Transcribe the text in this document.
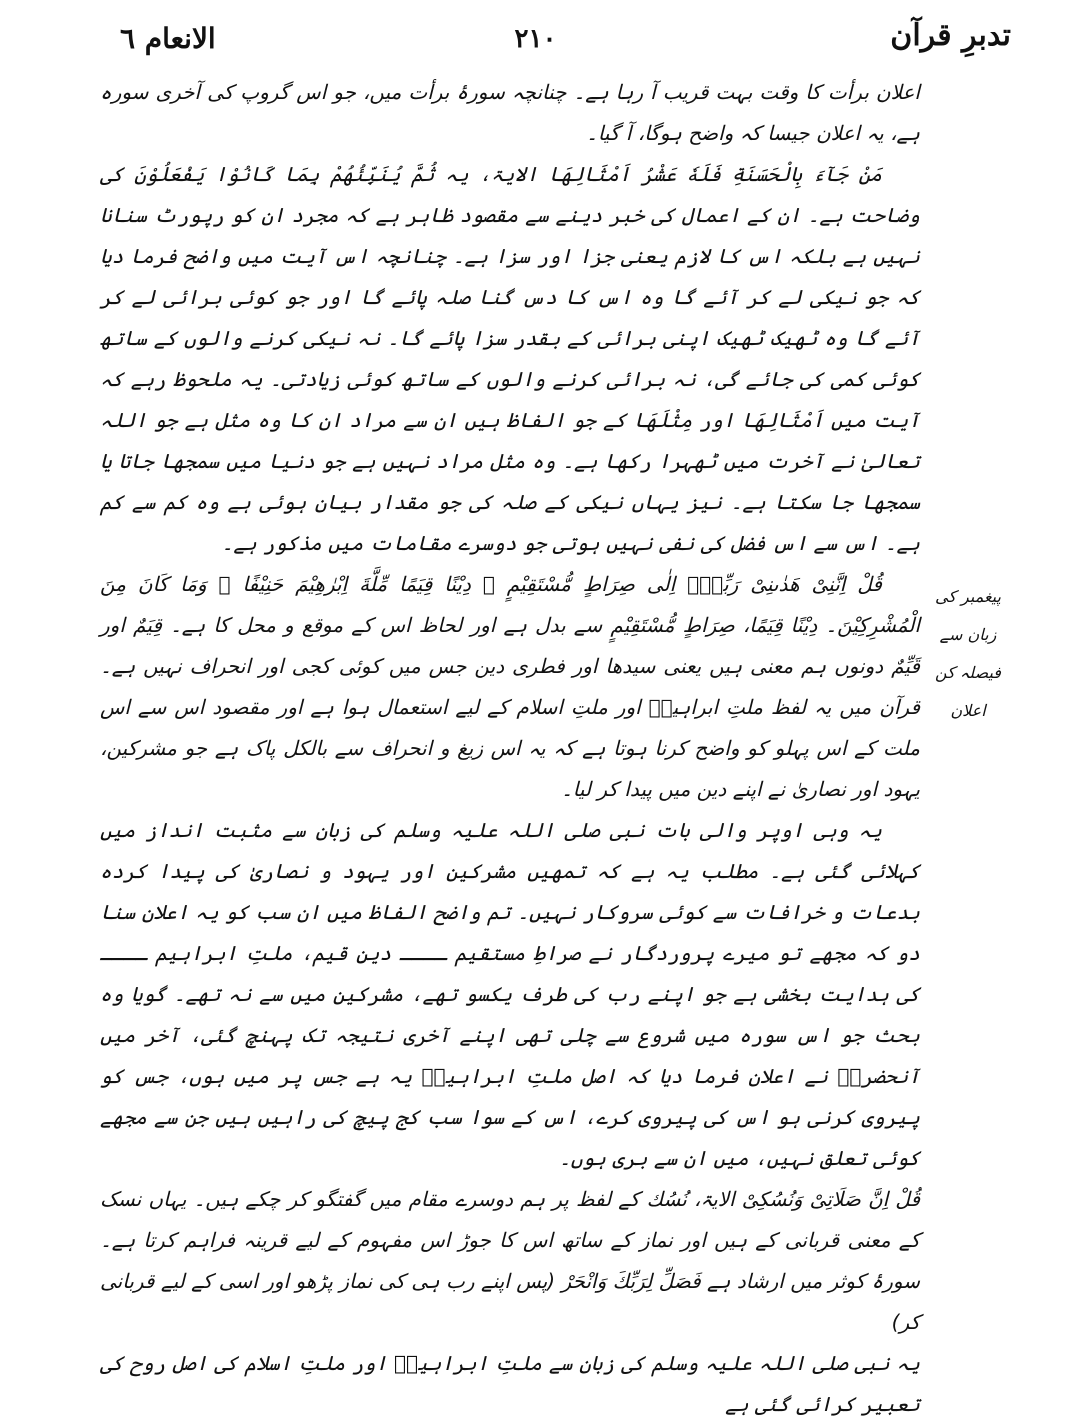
تدبرِ قرآن
۲۱۰
الانعام ٦

اعلان برأت کا وقت بہت قریب آ رہا ہے۔ چنانچہ سورۂ برأت میں، جو اس گروپ کی آخری سورہ ہے، یہ اعلان جیسا کہ واضح ہوگا، آ گیا۔

مَنْ جَآءَ بِالْحَسَنَةِ فَلَهٗ عَشْرُ اَمْثَالِهَا الایۃ، یہ ثُمَّ یُنَبِّئُهُمْ بِمَا كَانُوْا یَفْعَلُوْنَ کی وضاحت ہے۔ ان کے اعمال کی خبر دینے سے مقصود ظاہر ہے کہ مجرد ان کو رپورٹ سنانا نہیں ہے بلکہ اس کا لازم یعنی جزا اور سزا ہے۔ چنانچہ اس آیت میں واضح فرما دیا کہ جو نیکی لے کر آئے گا وہ اس کا دس گنا صلہ پائے گا اور جو کوئی برائی لے کر آئے گا وہ ٹھیک ٹھیک اپنی برائی کے بقدر سزا پائے گا۔ نہ نیکی کرنے والوں کے ساتھ کوئی کمی کی جائے گی، نہ برائی کرنے والوں کے ساتھ کوئی زیادتی۔ یہ ملحوظ رہے کہ آیت میں اَمْثَالِهَا اور مِثْلَهَا کے جو الفاظ ہیں ان سے مراد ان کا وہ مثل ہے جو اللہ تعالیٰ نے آخرت میں ٹھہرا رکھا ہے۔ وہ مثل مراد نہیں ہے جو دنیا میں سمجھا جاتا یا سمجھا جا سکتا ہے۔ نیز یہاں نیکی کے صلہ کی جو مقدار بیان ہوئی ہے وہ کم سے کم ہے۔ اس سے اس فضل کی نفی نہیں ہوتی جو دوسرے مقامات میں مذکور ہے۔

قُلْ اِنَّنِیْ هَدٰىنِیْ رَبِّیْۤ اِلٰى صِرَاطٍ مُّسْتَقِیْمٍ ۚ دِیْنًا قِیَمًا مِّلَّةَ اِبْرٰهِیْمَ حَنِیْفًا ۚ وَمَا كَانَ مِنَ الْمُشْرِكِیْنَ۔ دِیْنًا قِیَمًا، صِرَاطٍ مُّسْتَقِیْمٍ سے بدل ہے اور لحاظ اس کے موقع و محل کا ہے۔ قِیَمٌ اور قَیِّمٌ دونوں ہم معنی ہیں یعنی سیدھا اور فطری دین جس میں کوئی کجی اور انحراف نہیں ہے۔ قرآن میں یہ لفظ ملتِ ابراہیمؑ اور ملتِ اسلام کے لیے استعمال ہوا ہے اور مقصود اس سے اس ملت کے اس پہلو کو واضح کرنا ہوتا ہے کہ یہ اس زیغ و انحراف سے بالکل پاک ہے جو مشرکین، یہود اور نصاریٰ نے اپنے دین میں پیدا کر لیا۔

یہ وہی اوپر والی بات نبی صلی اللہ علیہ وسلم کی زبان سے مثبت انداز میں کہلائی گئی ہے۔ مطلب یہ ہے کہ تمھیں مشرکین اور یہود و نصاریٰ کی پیدا کردہ بدعات و خرافات سے کوئی سروکار نہیں۔ تم واضح الفاظ میں ان سب کو یہ اعلان سنا دو کہ مجھے تو میرے پروردگار نے صراطِ مستقیم ــــ دینِ قیم، ملتِ ابراہیم ــــ کی ہدایت بخشی ہے جو اپنے رب کی طرف یکسو تھے، مشرکین میں سے نہ تھے۔ گویا وہ بحث جو اس سورہ میں شروع سے چلی تھی اپنے آخری نتیجہ تک پہنچ گئی، آخر میں آنحضرتؐ نے اعلان فرما دیا کہ اصل ملتِ ابراہیمؑ یہ ہے جس پر میں ہوں، جس کو پیروی کرنی ہو اس کی پیروی کرے، اس کے سوا سب کج پیچ کی راہیں ہیں جن سے مجھے کوئی تعلق نہیں، میں ان سے بری ہوں۔

قُلْ اِنَّ صَلَاتِیْ وَنُسُكِیْ الایۃ، نُسُك کے لفظ پر ہم دوسرے مقام میں گفتگو کر چکے ہیں۔ یہاں نسک کے معنی قربانی کے ہیں اور نماز کے ساتھ اس کا جوڑ اس مفہوم کے لیے قرینہ فراہم کرتا ہے۔ سورۂ کوثر میں ارشاد ہے فَصَلِّ لِرَبِّكَ وَانْحَرْ (پس اپنے رب ہی کی نماز پڑھو اور اسی کے لیے قربانی کر)

یہ نبی صلی اللہ علیہ وسلم کی زبان سے ملتِ ابراہیمؑ اور ملتِ اسلام کی اصل روح کی تعبیر کرائی گئی ہے

پیغمبر کی
زبان سے
فیصلہ کن
اعلان
